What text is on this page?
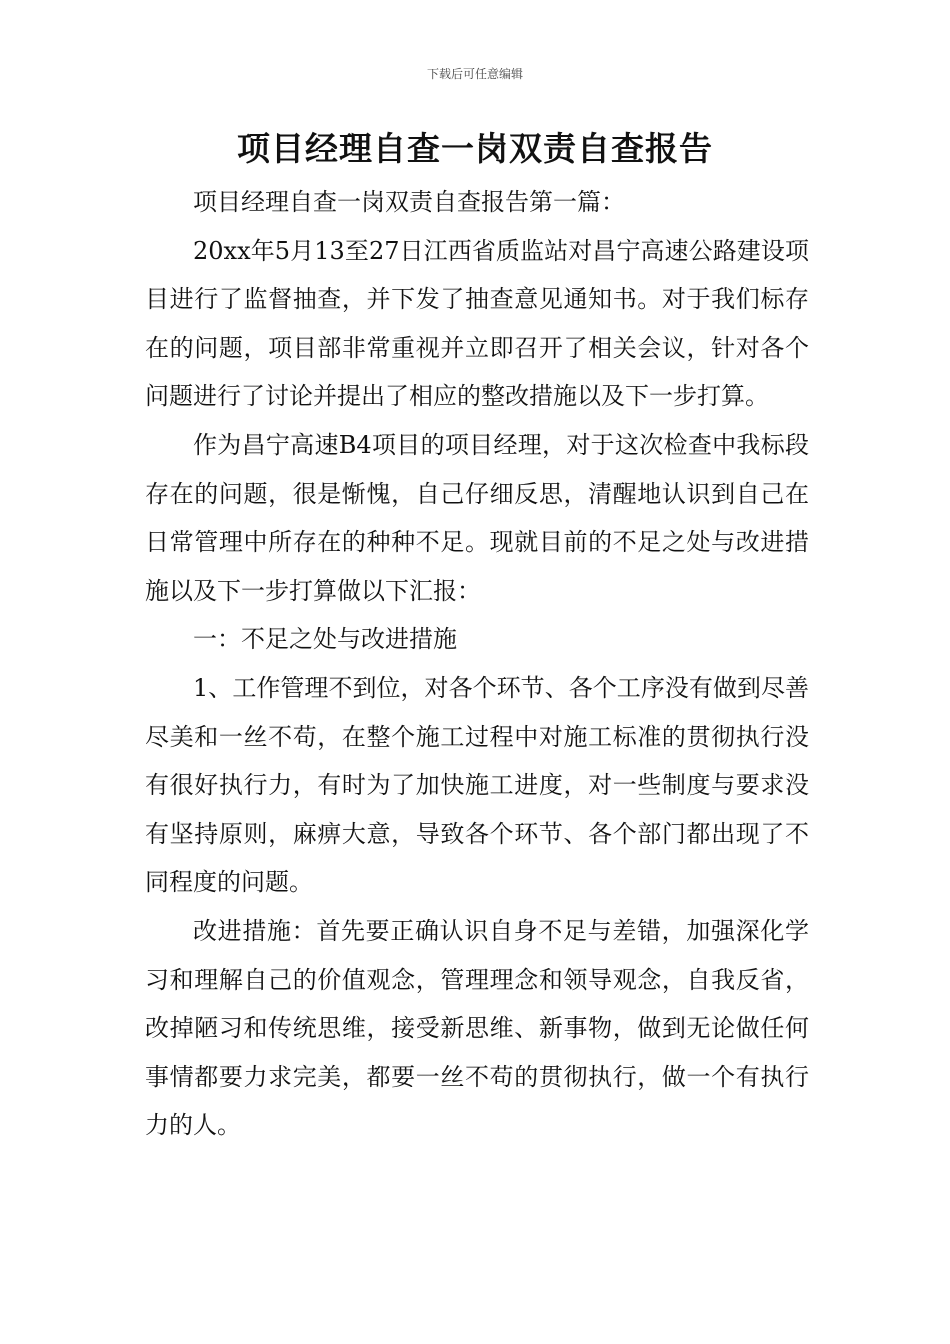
下载后可任意编辑
项目经理自查一岗双责自查报告

项目经理自查一岗双责自查报告第一篇：

20xx年5月13至27日江西省质监站对昌宁高速公路建设项目进行了监督抽查，并下发了抽查意见通知书。对于我们标存在的问题，项目部非常重视并立即召开了相关会议，针对各个问题进行了讨论并提出了相应的整改措施以及下一步打算。

作为昌宁高速B4项目的项目经理，对于这次检查中我标段存在的问题，很是惭愧，自己仔细反思，清醒地认识到自己在日常管理中所存在的种种不足。现就目前的不足之处与改进措施以及下一步打算做以下汇报：

一：不足之处与改进措施

1、工作管理不到位，对各个环节、各个工序没有做到尽善尽美和一丝不苟，在整个施工过程中对施工标准的贯彻执行没有很好执行力，有时为了加快施工进度，对一些制度与要求没有坚持原则，麻痹大意，导致各个环节、各个部门都出现了不同程度的问题。

改进措施：首先要正确认识自身不足与差错，加强深化学习和理解自己的价值观念，管理理念和领导观念，自我反省，改掉陋习和传统思维，接受新思维、新事物，做到无论做任何事情都要力求完美，都要一丝不苟的贯彻执行，做一个有执行力的人。
